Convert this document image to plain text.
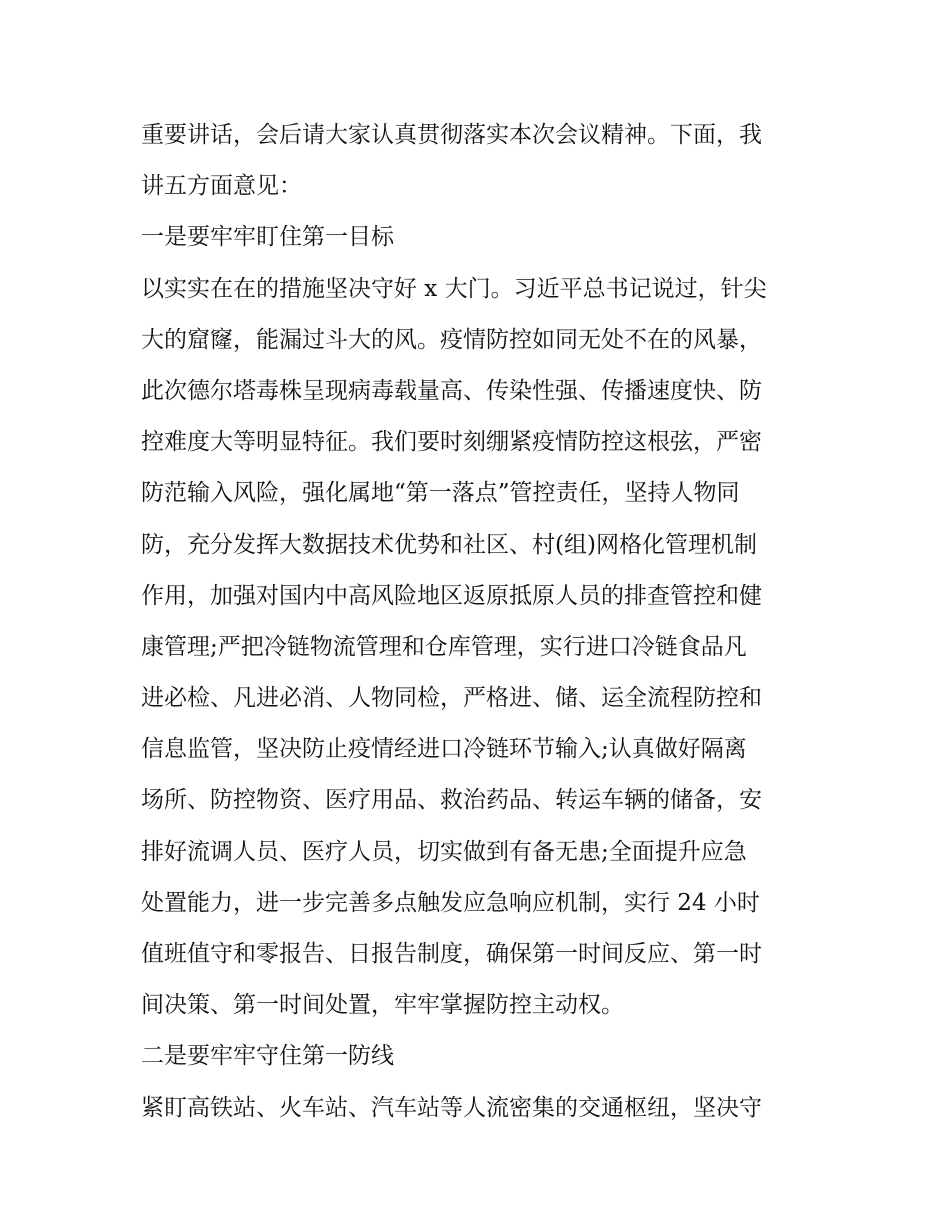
重要讲话，会后请大家认真贯彻落实本次会议精神。下面，我
讲五方面意见：
一是要牢牢盯住第一目标
以实实在在的措施坚决守好 x 大门。习近平总书记说过，针尖
大的窟窿，能漏过斗大的风。疫情防控如同无处不在的风暴，
此次德尔塔毒株呈现病毒载量高、传染性强、传播速度快、防
控难度大等明显特征。我们要时刻绷紧疫情防控这根弦，严密
防范输入风险，强化属地“第一落点”管控责任，坚持人物同
防，充分发挥大数据技术优势和社区、村(组)网格化管理机制
作用，加强对国内中高风险地区返原抵原人员的排查管控和健
康管理;严把冷链物流管理和仓库管理，实行进口冷链食品凡
进必检、凡进必消、人物同检，严格进、储、运全流程防控和
信息监管，坚决防止疫情经进口冷链环节输入;认真做好隔离
场所、防控物资、医疗用品、救治药品、转运车辆的储备，安
排好流调人员、医疗人员，切实做到有备无患;全面提升应急
处置能力，进一步完善多点触发应急响应机制，实行 24 小时
值班值守和零报告、日报告制度，确保第一时间反应、第一时
间决策、第一时间处置，牢牢掌握防控主动权。
二是要牢牢守住第一防线
紧盯高铁站、火车站、汽车站等人流密集的交通枢纽，坚决守
